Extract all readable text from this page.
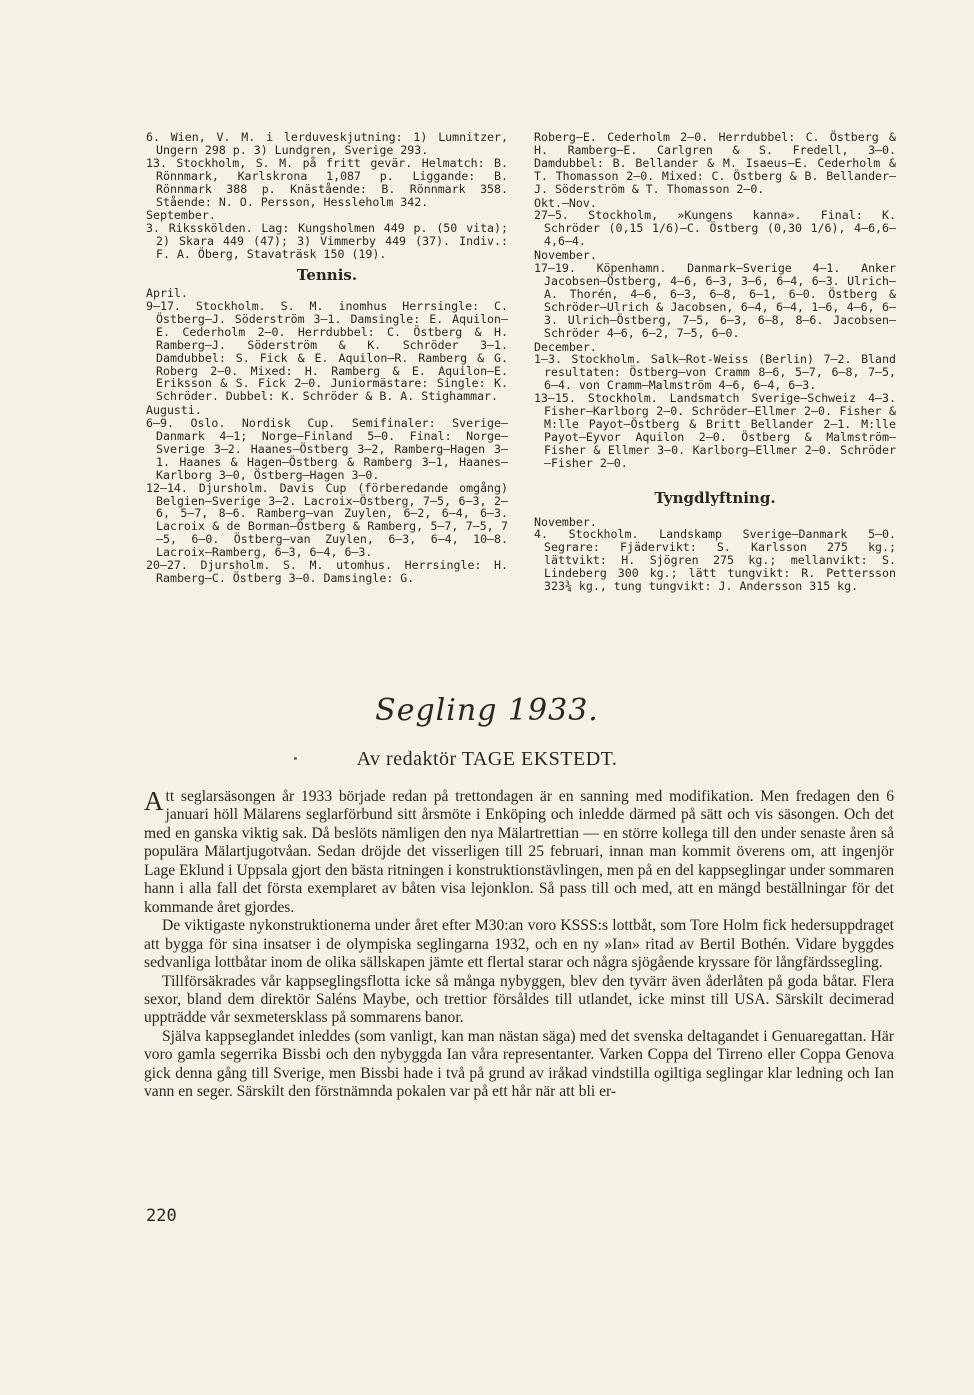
6. Wien, V. M. i lerduveskjutning: 1) Lumnitzer, Ungern 298 p. 3) Lundgren, Sverige 293.

13. Stockholm, S. M. på fritt gevär. Helmatch: B. Rönnmark, Karlskrona 1,087 p. Liggande: B. Rönnmark 388 p. Knästående: B. Rönnmark 358. Stående: N. O. Persson, Hessleholm 342.

September.

3. Riksskölden. Lag: Kungsholmen 449 p. (50 vita); 2) Skara 449 (47); 3) Vimmerby 449 (37). Indiv.: F. A. Öberg, Stavaträsk 150 (19).

Tennis.

April.

9—17. Stockholm. S. M. inomhus Herrsingle: C. Östberg—J. Söderström 3—1. Damsingle: E. Aquilon—E. Cederholm 2—0. Herrdubbel: C. Östberg & H. Ramberg—J. Söderström & K. Schröder 3—1. Damdubbel: S. Fick & E. Aquilon—R. Ramberg & G. Roberg 2—0. Mixed: H. Ramberg & E. Aquilon—E. Eriksson & S. Fick 2—0. Juniormästare: Single: K. Schröder. Dubbel: K. Schröder & B. A. Stighammar.

Augusti.

6—9. Oslo. Nordisk Cup. Semifinaler: Sverige—Danmark 4—1; Norge—Finland 5—0. Final: Norge—Sverige 3—2. Haanes—Östberg 3—2, Ramberg—Hagen 3—1. Haanes & Hagen—Östberg & Ramberg 3—1, Haanes—Karlborg 3—0, Östberg—Hagen 3—0.

12—14. Djursholm. Davis Cup (förberedande omgång) Belgien—Sverige 3—2. Lacroix—Östberg, 7—5, 6—3, 2—6, 5—7, 8—6. Ramberg—van Zuylen, 6—2, 6—4, 6—3. Lacroix & de Borman—Östberg & Ramberg, 5—7, 7—5, 7—5, 6—0. Östberg—van Zuylen, 6—3, 6—4, 10—8. Lacroix—Ramberg, 6—3, 6—4, 6—3.

20—27. Djursholm. S. M. utomhus. Herrsingle: H. Ramberg—C. Östberg 3—0. Damsingle: G.

Roberg—E. Cederholm 2—0. Herrdubbel: C. Östberg & H. Ramberg—E. Carlgren & S. Fredell, 3—0. Damdubbel: B. Bellander & M. Isaeus—E. Cederholm & T. Thomasson 2—0. Mixed: C. Östberg & B. Bellander—J. Söderström & T. Thomasson 2—0.

Okt.—Nov.

27—5. Stockholm, »Kungens kanna». Final: K. Schröder (0,15 1/6)—C. Östberg (0,30 1/6), 4—6,6—4,6—4.

November.

17—19. Köpenhamn. Danmark—Sverige 4—1. Anker Jacobsen—Östberg, 4—6, 6—3, 3—6, 6—4, 6—3. Ulrich—A. Thorén, 4—6, 6—3, 6—8, 6—1, 6—0. Östberg & Schröder—Ulrich & Jacobsen, 6—4, 6—4, 1—6, 4—6, 6—3. Ulrich—Östberg, 7—5, 6—3, 6—8, 8—6. Jacobsen—Schröder 4—6, 6—2, 7—5, 6—0.

December.

1—3. Stockholm. Salk—Rot-Weiss (Berlin) 7—2. Bland resultaten: Östberg—von Cramm 8—6, 5—7, 6—8, 7—5, 6—4. von Cramm—Malmström 4—6, 6—4, 6—3.

13—15. Stockholm. Landsmatch Sverige—Schweiz 4—3. Fisher—Karlborg 2—0. Schröder—Ellmer 2—0. Fisher & M:lle Payot—Östberg & Britt Bellander 2—1. M:lle Payot—Eyvor Aquilon 2—0. Östberg & Malmström—Fisher & Ellmer 3—0. Karlborg—Ellmer 2—0. Schröder—Fisher 2—0.

Tyngdlyftning.

November.

4. Stockholm. Landskamp Sverige—Danmark 5—0. Segrare: Fjädervikt: S. Karlsson 275 kg.; lättvikt: H. Sjögren 275 kg.; mellanvikt: S. Lindeberg 300 kg.; lätt tungvikt: R. Pettersson 323¾ kg., tung tungvikt: J. Andersson 315 kg.

Segling 1933.
Av redaktör TAGE EKSTEDT.

Att seglarsäsongen år 1933 började redan på trettondagen är en sanning med modifikation. Men fredagen den 6 januari höll Mälarens seglarförbund sitt årsmöte i Enköping och inledde därmed på sätt och vis säsongen. Och det med en ganska viktig sak. Då beslöts nämligen den nya Mälartrettian — en större kollega till den under senaste åren så populära Mälartjugotvåan. Sedan dröjde det visserligen till 25 februari, innan man kommit överens om, att ingenjör Lage Eklund i Uppsala gjort den bästa ritningen i konstruktionstävlingen, men på en del kappseglingar under sommaren hann i alla fall det första exemplaret av båten visa lejonklon. Så pass till och med, att en mängd beställningar för det kommande året gjordes.

De viktigaste nykonstruktionerna under året efter M30:an voro KSSS:s lottbåt, som Tore Holm fick hedersuppdraget att bygga för sina insatser i de olympiska seglingarna 1932, och en ny »Ian» ritad av Bertil Bothén. Vidare byggdes sedvanliga lottbåtar inom de olika sällskapen jämte ett flertal starar och några sjögående kryssare för långfärdssegling.

Tillförsäkrades vår kappseglingsflotta icke så många nybyggen, blev den tyvärr även åderlåten på goda båtar. Flera sexor, bland dem direktör Saléns Maybe, och trettior försåldes till utlandet, icke minst till USA. Särskilt decimerad uppträdde vår sexmetersklass på sommarens banor.

Själva kappseglandet inleddes (som vanligt, kan man nästan säga) med det svenska deltagandet i Genuaregattan. Här voro gamla segerrika Bissbi och den nybyggda Ian våra representanter. Varken Coppa del Tirreno eller Coppa Genova gick denna gång till Sverige, men Bissbi hade i två på grund av iråkad vindstilla ogiltiga seglingar klar ledning och Ian vann en seger. Särskilt den förstnämnda pokalen var på ett hår när att bli er-

220
